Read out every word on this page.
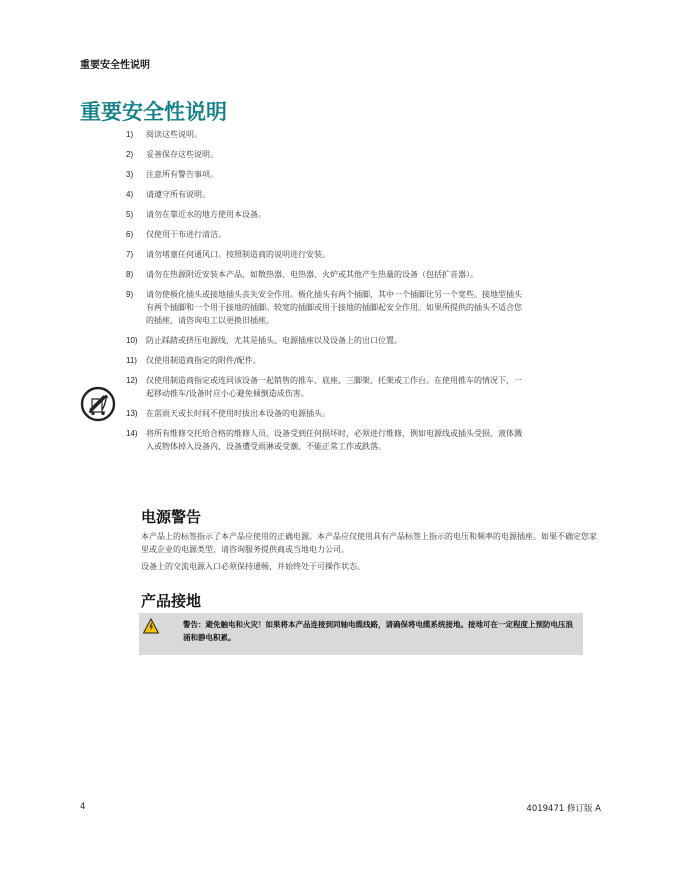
重要安全性说明
重要安全性说明
1) 阅读这些说明。
2) 妥善保存这些说明。
3) 注意所有警告事项。
4) 请遵守所有说明。
5) 请勿在靠近水的地方使用本设备。
6) 仅使用干布进行清洁。
7) 请勿堵塞任何通风口。按照制造商的说明进行安装。
8) 请勿在热源附近安装本产品，如散热器、电热器、火炉或其他产生热量的设备（包括扩音器）。
9) 请勿使极化插头或接地插头丧失安全作用。极化插头有两个插脚，其中一个插脚比另一个宽些。接地型插头有两个插脚和一个用于接地的插脚。较宽的插脚或用于接地的插脚起安全作用。如果所提供的插头不适合您的插座，请咨询电工以更换旧插座。
10) 防止踩踏或挤压电源线，尤其是插头、电源插座以及设备上的出口位置。
11) 仅使用制造商指定的附件/配件。
12) 仅使用制造商指定或连同该设备一起销售的推车、底座、三脚架、托架或工作台。在使用推车的情况下，一起移动推车/设备时应小心避免倾倒造成伤害。
13) 在雷雨天或长时间不使用时拔出本设备的电源插头。
14) 将所有维修交托给合格的维修人员。设备受到任何损坏时，必须进行维修，例如电源线或插头受损、液体溅入或物体掉入设备内、设备遭受雨淋或受潮、不能正常工作或跌落。
电源警告

本产品上的标签指示了本产品应使用的正确电源。本产品应仅使用具有产品标签上指示的电压和频率的电源插座。如果不确定您家里或企业的电源类型，请咨询服务提供商或当地电力公司。

设备上的交流电源入口必须保持通畅，并始终处于可操作状态。

产品接地
警告：避免触电和火灾！如果将本产品连接到同轴电缆线路，请确保将电缆系统接地。接地可在一定程度上预防电压浪涌和静电积累。
4	4019471 修订版 A
